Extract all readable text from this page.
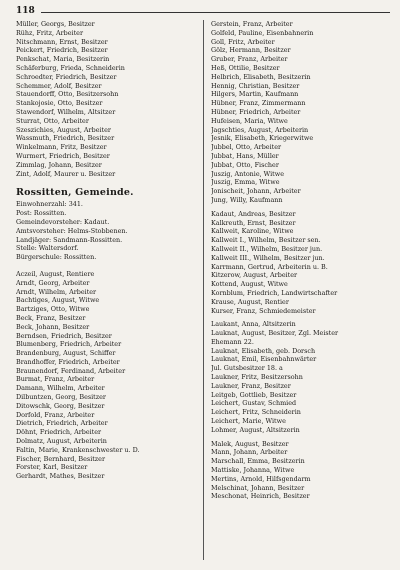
118
Müller, Georgs, Besitzer
Rühz, Fritz, Arbeiter
Nitschmann, Ernst, Besitzer
Peickert, Friedrich, Besitzer
Penkschat, Maria, Besitzerin
Schäferburg, Frieda, Schneiderin
Schroedter, Friedrich, Besitzer
Schemmer, Adolf, Besitzer
Stauendorff, Otto, Besitzersohn
Stankojosie, Otto, Besitzer
Stawendorf, Wilhelm, Altsitzer
Sturrat, Otto, Arbeiter
Szeszichies, August, Arbeiter
Wassmuth, Friedrich, Besitzer
Winkelmann, Fritz, Besitzer
Wurmert, Friedrich, Besitzer
Zimmlag, Johann, Besitzer
Zint, Adolf, Maurer u. Besitzer
Rossitten, Gemeinde.
Einwohnerzahl: 341.
Post: Rossitten.
Gemeindevorsteher: Kadaut.
Amtsvorsteher: Helms-Stobbenen.
Landjäger: Sandmann-Rossitten.
Stelle: Waltersdorf.
Bürgerschule: Rossitten.
Aczeil, August, Rentiere
Arndt, Georg, Arbeiter
Arndt, Wilhelm, Arbeiter
Bachtiges, August, Witwe
Bartziges, Otto, Witwe
Beck, Franz, Besitzer
Beck, Johann, Besitzer
Berndsen, Friedrich, Besitzer
Blumenberg, Friedrich, Arbeiter
Brandenburg, August, Schiffer
Brandhoffer, Friedrich, Arbeiter
Braunendorf, Ferdinand, Arbeiter
Burmat, Franz, Arbeiter
Damann, Wilhelm, Arbeiter
Dilbuntzen, Georg, Besitzer
Ditowschk, Georg, Besitzer
Dorfold, Franz, Arbeiter
Dietrich, Friedrich, Arbeiter
Döhnt, Friedrich, Arbeiter
Dolmatz, August, Arbeiterin
Faltin, Marie, Krankenschwester u. D.
Fischer, Bernhard, Besitzer
Forster, Karl, Besitzer
Gerhardt, Mathes, Besitzer
Gerstein, Franz, Arbeiter
Golfeld, Pauline, Eisenbahnerin
Goll, Fritz, Arbeiter
Gölz, Hermann, Besitzer
Gruber, Franz, Arbeiter
Heß, Ottilie, Besitzer
Helbrich, Elisabeth, Besitzerin
Hennig, Christian, Besitzer
Hilgers, Martin, Kaufmann
Hübner, Franz, Zimmermann
Hübner, Friedrich, Arbeiter
Hufeisen, Maria, Witwe
Jagschties, August, Arbeiterin
Jesnik, Elisabeth, Kriegerwitwe
Jubbel, Otto, Arbeiter
Jubbat, Hans, Müller
Jubbat, Otto, Fischer
Juszig, Antonie, Witwe
Juszig, Emma, Witwe
Jonischeit, Johann, Arbeiter
Jung, Willy, Kaufmann
Kadaut, Andreas, Besitzer
Kalkreuth, Ernst, Besitzer
Kallweit, Karoline, Witwe
Kallweit I., Wilhelm, Besitzer sen.
Kallweit II., Wilhelm, Besitzer jun.
Kallweit III., Wilhelm, Besitzer jun.
Karrmann, Gertrud, Arbeiterin u. B.
Kitzerow, August, Arbeiter
Kottend, August, Witwe
Kornblum, Friedrich, Landwirtschafter
Krause, August, Rentier
Kurser, Franz, Schmiedemeister
Laukant, Anna, Altsitzerin
Lauknat, August, Besitzer, Zgl. Meister
Ehemann 22.
Lauknat, Elisabeth, geb. Dorsch
Lauknat, Emil, Eisenbahnwärter
Jul. Gutsbesitzer 18. a
Laukner, Fritz, Besitzersohn
Laukner, Franz, Besitzer
Leitgeb, Gottlieb, Besitzer
Leichert, Gustav, Schmied
Leichert, Fritz, Schneiderin
Leichert, Marie, Witwe
Lohmer, August, Altsitzerin
Malek, August, Besitzer
Mann, Johann, Arbeiter
Marschall, Emma, Besitzerin
Mattiske, Johanna, Witwe
Mertins, Arnold, Hilfsgendarm
Melschinat, Johann, Besitzer
Meschonat, Heinrich, Besitzer
